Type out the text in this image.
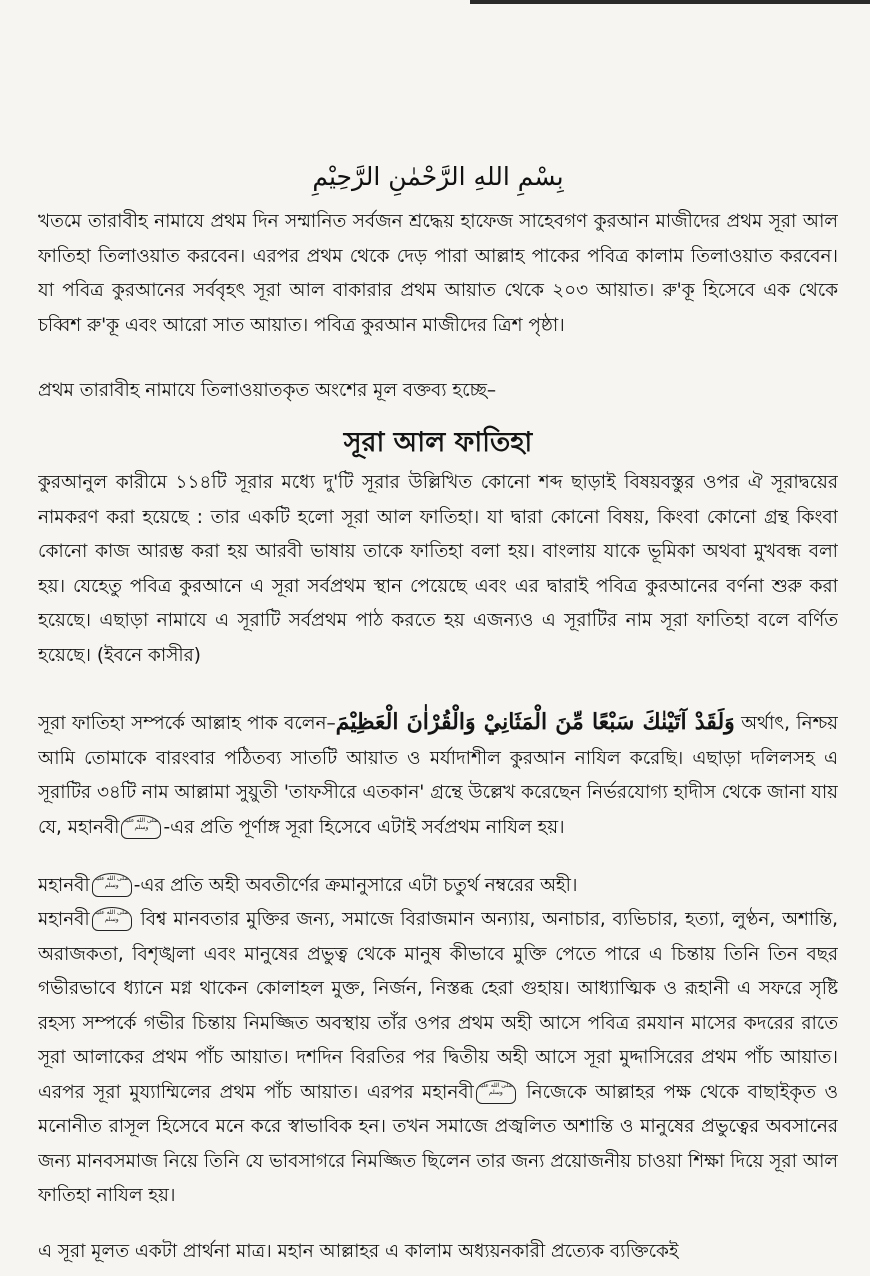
بِسْمِ اللهِ الرَّحْمٰنِ الرَّحِيْمِ

খতমে তারাবীহ নামাযে প্রথম দিন সম্মানিত সর্বজন শ্রদ্ধেয় হাফেজ সাহেবগণ কুরআন মাজীদের প্রথম সূরা আল ফাতিহা তিলাওয়াত করবেন। এরপর প্রথম থেকে দেড় পারা আল্লাহ পাকের পবিত্র কালাম তিলাওয়াত করবেন। যা পবিত্র কুরআনের সর্ববৃহৎ সূরা আল বাকারার প্রথম আয়াত থেকে ২০৩ আয়াত। রু'কূ হিসেবে এক থেকে চব্বিশ রু'কূ এবং আরো সাত আয়াত। পবিত্র কুরআন মাজীদের ত্রিশ পৃষ্ঠা।

প্রথম তারাবীহ নামাযে তিলাওয়াতকৃত অংশের মূল বক্তব্য হচ্ছে–

সূরা আল ফাতিহা

কুরআনুল কারীমে ১১৪টি সূরার মধ্যে দু'টি সূরার উল্লিখিত কোনো শব্দ ছাড়াই বিষয়বস্তুর ওপর ঐ সূরাদ্বয়ের নামকরণ করা হয়েছে : তার একটি হলো সূরা আল ফাতিহা। যা দ্বারা কোনো বিষয়, কিংবা কোনো গ্রন্থ কিংবা কোনো কাজ আরম্ভ করা হয় আরবী ভাষায় তাকে ফাতিহা বলা হয়। বাংলায় যাকে ভূমিকা অথবা মুখবন্ধ বলা হয়। যেহেতু পবিত্র কুরআনে এ সূরা সর্বপ্রথম স্থান পেয়েছে এবং এর দ্বারাই পবিত্র কুরআনের বর্ণনা শুরু করা হয়েছে। এছাড়া নামাযে এ সূরাটি সর্বপ্রথম পাঠ করতে হয় এজন্যও এ সূরাটির নাম সূরা ফাতিহা বলে বর্ণিত হয়েছে। (ইবনে কাসীর)

সূরা ফাতিহা সম্পর্কে আল্লাহ পাক বলেন–وَلَقَدْ آتَيْنٰكَ سَبْعًا مِّنَ الْمَثَانِيْ وَالْقُرْاٰنَ الْعَظِيْمَ অর্থাৎ, নিশ্চয় আমি তোমাকে বারংবার পঠিতব্য সাতটি আয়াত ও মর্যাদাশীল কুরআন নাযিল করেছি। এছাড়া দলিলসহ এ সূরাটির ৩৪টি নাম আল্লামা সুয়ুতী 'তাফসীরে এতকান' গ্রন্থে উল্লেখ করেছেন নির্ভরযোগ্য হাদীস থেকে জানা যায় যে, মহানবী صلى الله عليه وسلم -এর প্রতি পূর্ণাঙ্গ সূরা হিসেবে এটাই সর্বপ্রথম নাযিল হয়।

মহানবী صلى الله عليه وسلم -এর প্রতি অহী অবতীর্ণের ক্রমানুসারে এটা চতুর্থ নম্বরের অহী।

মহানবী صلى الله عليه وسلم বিশ্ব মানবতার মুক্তির জন্য, সমাজে বিরাজমান অন্যায়, অনাচার, ব্যভিচার, হত্যা, লুণ্ঠন, অশান্তি, অরাজকতা, বিশৃঙ্খলা এবং মানুষের প্রভুত্ব থেকে মানুষ কীভাবে মুক্তি পেতে পারে এ চিন্তায় তিনি তিন বছর গভীরভাবে ধ্যানে মগ্ন থাকেন কোলাহল মুক্ত, নির্জন, নিস্তব্ধ হেরা গুহায়। আধ্যাত্মিক ও রূহানী এ সফরে সৃষ্টি রহস্য সম্পর্কে গভীর চিন্তায় নিমজ্জিত অবস্থায় তাঁর ওপর প্রথম অহী আসে পবিত্র রমযান মাসের কদরের রাতে সূরা আলাকের প্রথম পাঁচ আয়াত। দশদিন বিরতির পর দ্বিতীয় অহী আসে সূরা মুদ্দাসিরের প্রথম পাঁচ আয়াত। এরপর সূরা মুয্যাম্মিলের প্রথম পাঁচ আয়াত। এরপর মহানবী صلى الله عليه وسلم নিজেকে আল্লাহর পক্ষ থেকে বাছাইকৃত ও মনোনীত রাসূল হিসেবে মনে করে স্বাভাবিক হন। তখন সমাজে প্রজ্বলিত অশান্তি ও মানুষের প্রভুত্বের অবসানের জন্য মানবসমাজ নিয়ে তিনি যে ভাবসাগরে নিমজ্জিত ছিলেন তার জন্য প্রয়োজনীয় চাওয়া শিক্ষা দিয়ে সূরা আল ফাতিহা নাযিল হয়।

এ সূরা মূলত একটা প্রার্থনা মাত্র। মহান আল্লাহর এ কালাম অধ্যয়নকারী প্রত্যেক ব্যক্তিকেই
